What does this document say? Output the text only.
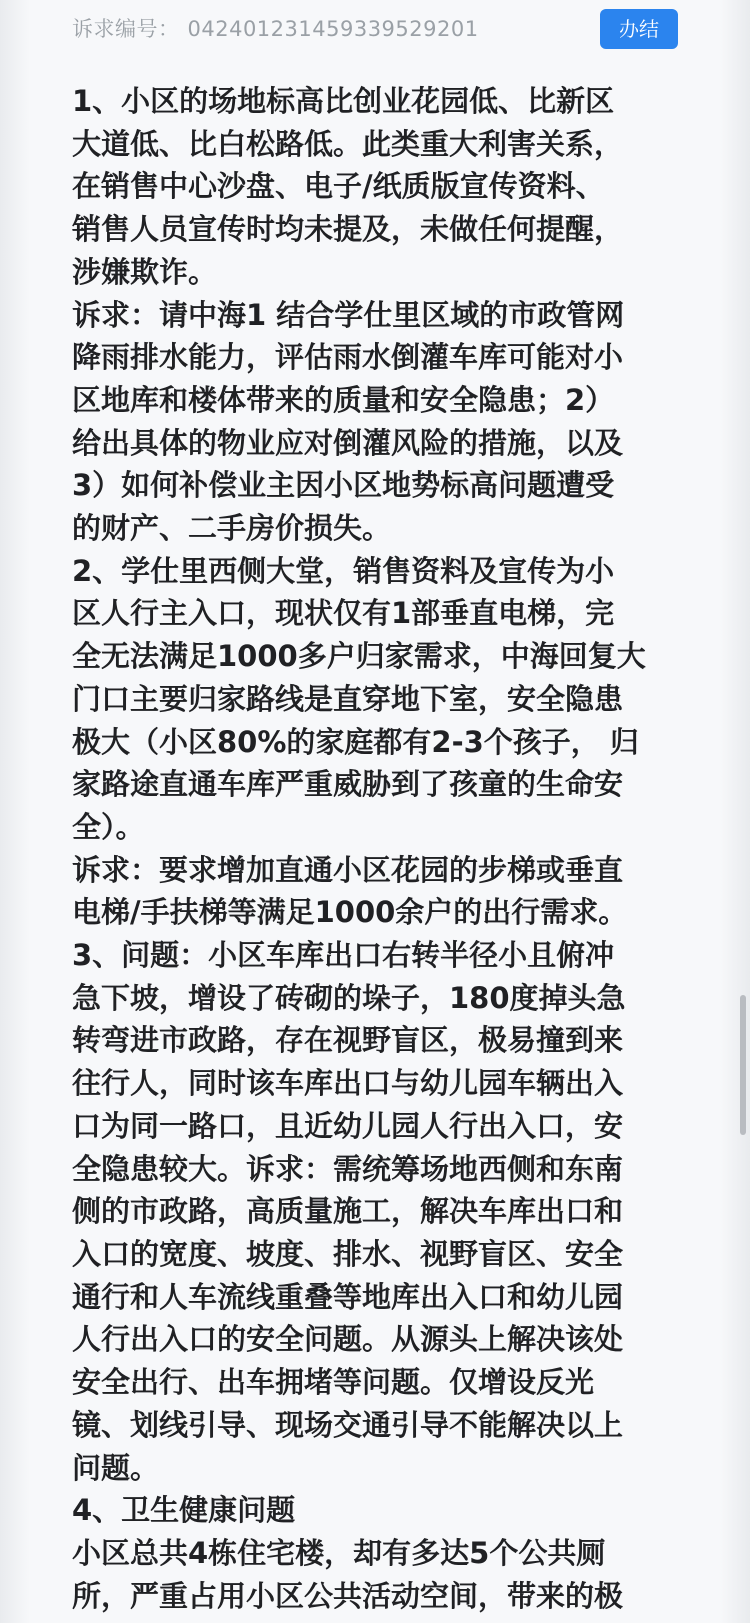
诉求编号： 04240123145933952920​1	办结

1、小区的场地标高比创业花园低、比新区
大道低、比白松路低。此类重大利害关系，
在销售中心沙盘、电子/纸质版宣传资料、
销售人员宣传时均未提及，未做任何提醒，
涉嫌欺诈。

诉求：请中海1 结合学仕里区域的市政管网
降雨排水能力，评估雨水倒灌车库可能对小
区地库和楼体带来的质量和安全隐患；2）
给出具体的物业应对倒灌风险的措施，以及
3）如何补偿业主因小区地势标高问题遭受
的财产、二手房价损失。

2、学仕里西侧大堂，销售资料及宣传为小
区人行主入口，现状仅有1部垂直电梯，完
全无法满足1000多户归家需求，中海回复大
门口主要归家路线是直穿地下室，安全隐患
极大（小区80%的家庭都有2-3个孩子， 归
家路途直通车库严重威胁到了孩童的生命安
全）。

诉求：要求增加直通小区花园的步梯或垂直
电梯/手扶梯等满足1000余户的出行需求。

3、问题：小区车库出口右转半径小且俯冲
急下坡，增设了砖砌的垛子，180度掉头急
转弯进市政路，存在视野盲区，极易撞到来
往行人，同时该车库出口与幼儿园车辆出入
口为同一路口，且近幼儿园人行出入口，安
全隐患较大。诉求：需统筹场地西侧和东南
侧的市政路，高质量施工，解决车库出口和
入口的宽度、坡度、排水、视野盲区、安全
通行和人车流线重叠等地库出入口和幼儿园
人行出入口的安全问题。从源头上解决该处
安全出行、出车拥堵等问题。仅增设反光
镜、划线引导、现场交通引导不能解决以上
问题。

4、卫生健康问题

小区总共4栋住宅楼，却有多达5个公共厕
所，严重占用小区公共活动空间，带来的极
